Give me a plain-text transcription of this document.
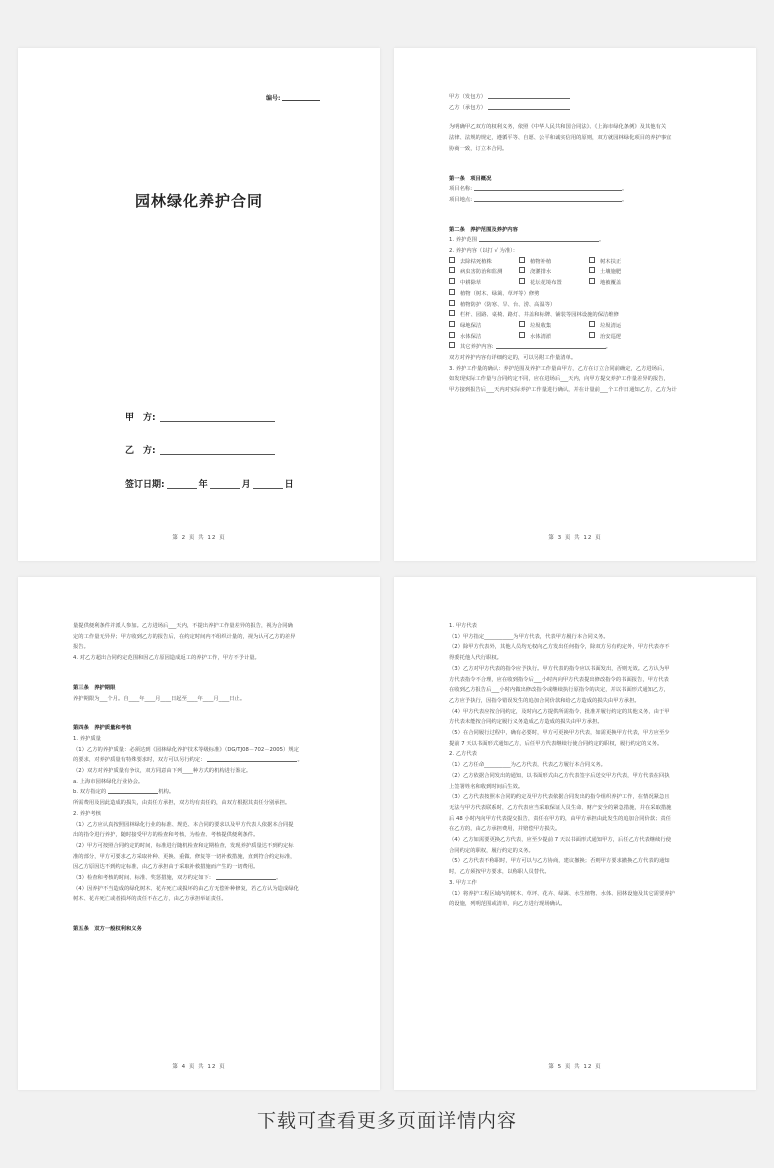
编号:
园林绿化养护合同
甲　方:
乙　方:
签订日期:	年	月	日
第 2 页 共 12 页

甲方（发包方）

乙方（承包方）

为明确甲乙双方的权利义务，依照《中华人民共和国合同法》、《上海市绿化条例》及其他有关

法律、法规的规定，遵循平等、自愿、公平和诚实信用的原则，双方就园林绿化项目的养护事宜

协商一致，订立本合同。

第一条　项目概况

项目名称:	。

项目地点:	。

第二条　养护范围及养护内容

1. 养护范围	。

2. 养护内容（以打 √ 为准）：

去除枯死植株	植物补植	树木扶正
病虫害防治和监测	浇灌排水	土壤施肥
中耕除草	花坛花境布置	地被覆盖

植物（树木、绿篱、草坪等）修剪

植物防护（防寒、旱、台、涝、高温等）

栏杆、园路、桌椅、路灯、井盖和标牌、铺装等园林设施的保洁维修

绿地保洁	垃圾收集	垃圾清运
水体保洁	水体清淤	治安巡逻

其它养护内容:	。

双方对养护内容有详细约定的，可以另附工作量清单。

3. 养护工作量的确认：养护范围及养护工作量由甲方，乙方在订立合同前确定，乙方进场后，

如发现实际工作量与合同约定不同，应在进场后___天内，向甲方提交养护工作量差异的报告，

甲方接到报告后___天内对实际养护工作量进行确认，并在计量前___个工作日通知乙方，乙方为计

第 3 页 共 12 页

量提供便利条件并派人参加。乙方进场后___天内，不提出养护工作量差异的报告，视为合同确

定的工作量无异异；甲方收到乙方的报告后，在约定时间内不组织计量的，视为认可乙方的差异

报告。

4. 对乙方超出合同约定范围和因乙方原因造成返工的养护工作，甲方不予计量。

第三条　养护期限

养护期限为___个月。自____年____月____日起至____年____月____日止。

第四条　养护质量和考核

1. 养护质量

（1）乙方的养护质量：必须达到《园林绿化养护技术等级标准》（DG/TJ08－702－2005）规定

的要求，对养护质量有特殊要求时，双方可以另行约定：	。

（2）双方对养护质量有争议，双方同意由下列____种方式的机构进行鉴定。

a. 上海市园林绿化行业协会。

b. 双方指定的	机构。

所需费用及因此造成的损失，由责任方承担，双方均有责任的，由双方根据其责任分别承担。

2. 养护考核

（1）乙方应认真按照园林绿化行业的标准、规范、本合同的要求以及甲方代表人依据本合同提

出的指令进行养护，随时接受甲方的检查和考核，为检查、考核提供便利条件。

（2）甲方可按照合同约定的时间，标准进行随机检查和定期检查，发现养护质量达不到约定标

准的部分，甲方可要求乙方采取补种、更换、重做、修复等一切补救措施，直到符合约定标准，

因乙方原因达不到约定标准，由乙方承担由于采取补救措施而产生的一切费用。

（3）检查和考核的时间、标准、奖惩措施，双方约定如下：	。

（4）因养护不当造成的绿化树木、花卉死亡或损坏的由乙方无偿补种修复，若乙方认为造成绿化

树木、花卉死亡或者损坏的责任不在乙方，由乙方承担举证责任。

第五条　双方一般权利和义务

第 4 页 共 12 页

1. 甲方代表

（1）甲方指定___________为甲方代表，代表甲方履行本合同义务。

（2）除甲方代表外，其他人员均无权向乙方发出任何指令，除双方另有约定外，甲方代表亦不

得委托他人代行职权。

（3）乙方对甲方代表的指令应予执行。甲方代表的指令应以书面发出，否则无效。乙方认为甲

方代表指令不合理，应在收到指令后___小时内向甲方代表提出修改指令的书面报告，甲方代表

在收到乙方报告后___小时内做出修改指令或继续执行原指令的决定，并以书面形式通知乙方，

乙方应予执行，因指令错误发生的追加合同价款和给乙方造成的损失由甲方承担。

（4）甲方代表应按合同约定，及时向乙方提供所需指令、批准并履行约定的其他义务，由于甲

方代表未能按合同约定履行义务造成乙方造成的损失由甲方承担。

（5）在合同履行过程中，确有必要时，甲方可更换甲方代表，如需更换甲方代表，甲方应至少

提前 7 天以书面形式通知乙方，后任甲方代表继续行使合同约定的职权，履行约定的义务。

2. 乙方代表

（1）乙方任命__________为乙方代表，代表乙方履行本合同义务。

（2）乙方依据合同发出的通知，以书面形式由乙方代表签字后送交甲方代表，甲方代表在回执

上签署姓名和收到时间后生效。

（3）乙方代表按照本合同的约定及甲方代表依据合同发出的指令组织养护工作，在情况紧急且

无法与甲方代表联系时，乙方代表应当采取保证人员生命、财产安全的紧急措施，并在采取措施

后 48 小时内向甲方代表提交报告，责任在甲方的，由甲方承担由此发生的追加合同价款；责任

在乙方的，由乙方承担费用，并赔偿甲方损失。

（4）乙方如需要更换乙方代表，应至少提前 7 天以书面形式通知甲方，后任乙方代表继续行使

合同约定的职权，履行约定的义务。

（5）乙方代表不称职时，甲方可以与乙方协商，建议撤换；否则甲方要求撤换乙方代表的通知

时，乙方须按甲方要求，以称职人员替代。

3. 甲方工作

（1）将养护工程区域内的树木、草坪、花卉、绿篱、水生植物、水体、园林设施及其它需要养护

的设施，列明范围或清单，向乙方进行现场确认。

第 5 页 共 12 页
下载可查看更多页面详情内容
